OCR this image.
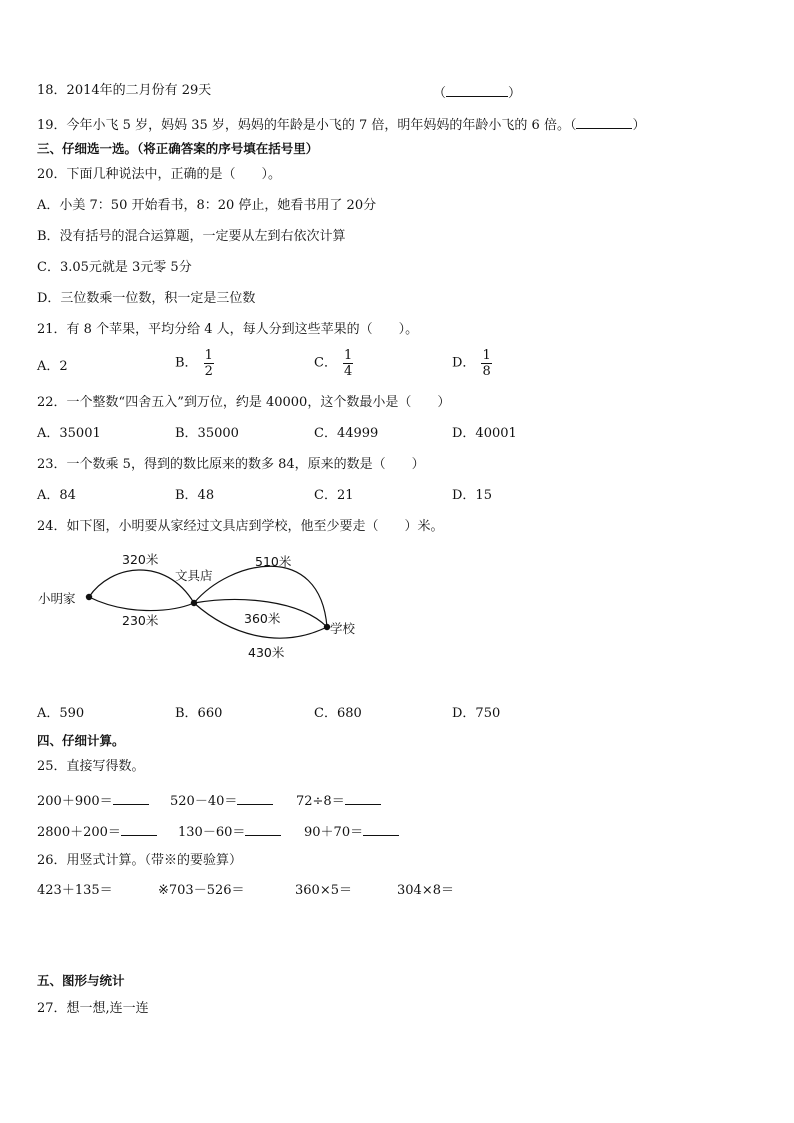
18．2014年的二月份有 29天	（	）
19．今年小飞 5 岁，妈妈 35 岁，妈妈的年龄是小飞的 7 倍，明年妈妈的年龄小飞的 6 倍。（	）
三、仔细选一选。（将正确答案的序号填在括号里）
20．下面几种说法中，正确的是（　　）。
A．小美 7：50 开始看书，8：20 停止，她看书用了 20分
B．没有括号的混合运算题，一定要从左到右依次计算
C．3.05元就是 3元零 5分
D．三位数乘一位数，积一定是三位数
21．有 8 个苹果，平均分给 4 人，每人分到这些苹果的（　　）。
A．2	B． $\frac{1}{2}$	C． $\frac{1}{4}$	D． $\frac{1}{8}$
22．一个整数“四舍五入”到万位，约是 40000，这个数最小是（　　）
A．35001	B．35000	C．44999	D．40001
23．一个数乘 5，得到的数比原来的数多 84，原来的数是（　　）
A．84	B．48	C．21	D．15
24．如下图，小明要从家经过文具店到学校，他至少要走（　　）米。
小明家
文具店
学校
320米
230米
510米
360米
430米
A．590	B．660	C．680	D．750
四、仔细计算。
25．直接写得数。
200＋900＝	520－40＝	72÷8＝
2800＋200＝	130－60＝	90＋70＝
26．用竖式计算。（带※的要验算）
423＋135＝	※703－526＝	360×5＝	304×8＝
五、图形与统计
27．想一想,连一连
